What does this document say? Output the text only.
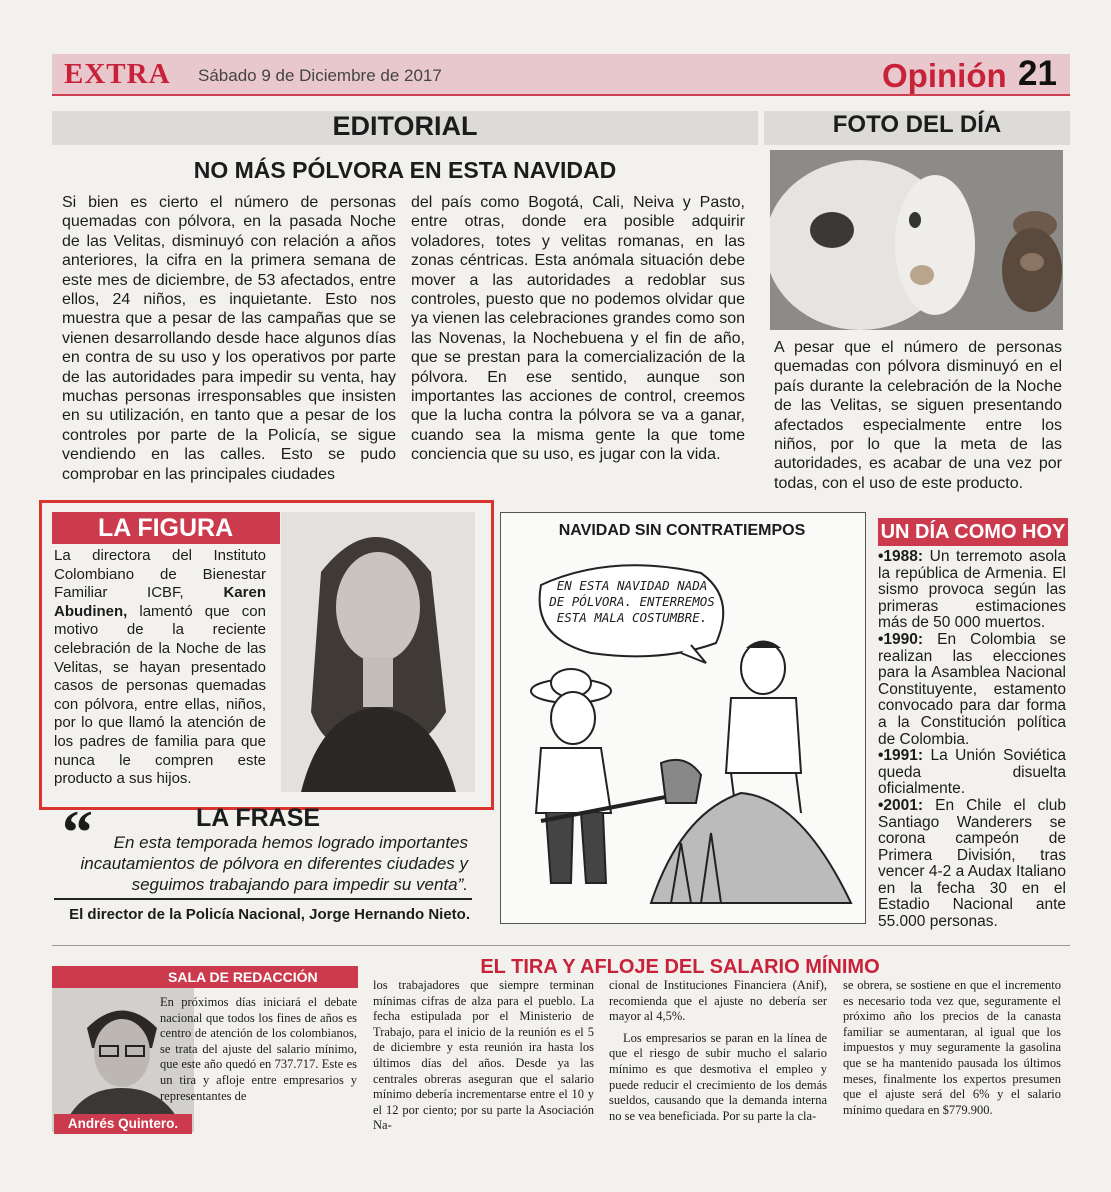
EXTRA Sábado 9 de Diciembre de 2017	Opinión 21
EDITORIAL
NO MÁS PÓLVORA EN ESTA NAVIDAD
Si bien es cierto el número de personas quemadas con pólvora, en la pasada Noche de las Velitas, disminuyó con relación a años anteriores, la cifra en la primera semana de este mes de diciembre, de 53 afectados, entre ellos, 24 niños, es inquietante. Esto nos muestra que a pesar de las campañas que se vienen desarrollando desde hace algunos días en contra de su uso y los operativos por parte de las autoridades para impedir su venta, hay muchas personas irresponsables que insisten en su utilización, en tanto que a pesar de los controles por parte de la Policía, se sigue vendiendo en las calles. Esto se pudo comprobar en las principales ciudades
del país como Bogotá, Cali, Neiva y Pasto, entre otras, donde era posible adquirir voladores, totes y velitas romanas, en las zonas céntricas. Esta anómala situación debe mover a las autoridades a redoblar sus controles, puesto que no podemos olvidar que ya vienen las celebraciones grandes como son las Novenas, la Nochebuena y el fin de año, que se prestan para la comercialización de la pólvora. En ese sentido, aunque son importantes las acciones de control, creemos que la lucha contra la pólvora se va a ganar, cuando sea la misma gente la que tome conciencia que su uso, es jugar con la vida.
FOTO DEL DÍA
A pesar que el número de personas quemadas con pólvora disminuyó en el país durante la celebración de la Noche de las Velitas, se siguen presentando afectados especialmente entre los niños, por lo que la meta de las autoridades, es acabar de una vez por todas, con el uso de este producto.
LA FIGURA
La directora del Instituto Colombiano de Bienestar Familiar ICBF,	Karen Abudinen, lamentó que con motivo de la reciente celebración de la Noche de las Velitas, se hayan presentado casos de personas quemadas con pólvora, entre ellas, niños, por lo que llamó la atención de los padres de familia para que nunca le compren este producto a sus hijos.
“	LA FRASE
En esta temporada hemos logrado importantes incautamientos de pólvora en diferentes ciudades y seguimos trabajando para impedir su venta”.
El director de la Policía Nacional, Jorge Hernando Nieto.
NAVIDAD SIN CONTRATIEMPOS
EN ESTA NAVIDAD NADA DE PÓLVORA. ENTERREMOS ESTA MALA COSTUMBRE.
UN DÍA COMO HOY
•1988: Un terremoto asola la república de Armenia. El sismo provoca según las primeras estimaciones más de 50 000 muertos.
•1990: En Colombia se realizan las elecciones para la Asamblea Nacional Constituyente, estamento convocado para dar forma a la Constitución política de Colombia.
•1991: La Unión Soviética queda disuelta oficialmente.
•2001: En Chile el club Santiago Wanderers se corona campeón de Primera División, tras vencer 4-2 a Audax Italiano en la fecha 30 en el Estadio Nacional ante 55.000 personas.
EL TIRA Y AFLOJE DEL SALARIO MÍNIMO
SALA DE REDACCIÓN
Andrés Quintero.
En próximos días iniciará el debate nacional que todos los fines de años es centro de atención de los colombianos, se trata del ajuste del salario mínimo, que este año quedó en 737.717. Este es un tira y afloje entre empresarios y representantes de
los trabajadores que siempre terminan mínimas cifras de alza para el pueblo. La fecha estipulada por el Ministerio de Trabajo, para el inicio de la reunión es el 5 de diciembre y esta reunión ira hasta los últimos días del años. Desde ya las centrales obreras aseguran que el salario mínimo debería incrementarse entre el 10 y el 12 por ciento; por su parte la Asociación Na-
cional de Instituciones Financiera (Anif), recomienda que el ajuste no debería ser mayor al 4,5%.
Los empresarios se paran en la línea de que el riesgo de subir mucho el salario mínimo es que desmotiva el empleo y puede reducir el crecimiento de los demás sueldos, causando que la demanda interna no se vea beneficiada. Por su parte la cla-
se obrera, se sostiene en que el incremento es necesario toda vez que, seguramente el próximo año los precios de la canasta familiar se aumentaran, al igual que los impuestos y muy seguramente la gasolina que se ha mantenido pausada los últimos meses, finalmente los expertos presumen que el ajuste será del 6% y el salario mínimo quedara en $779.900.
